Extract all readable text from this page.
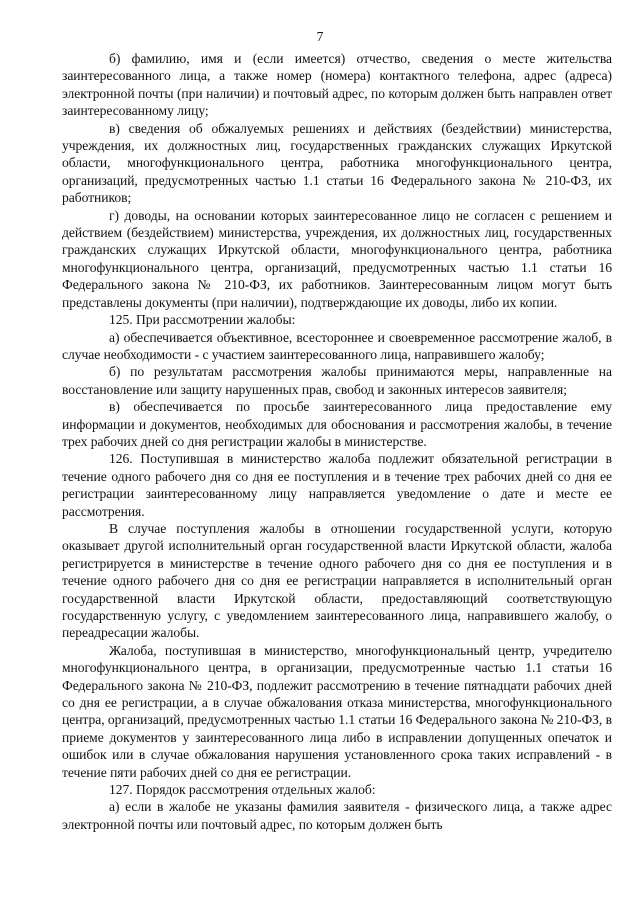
7

б) фамилию, имя и (если имеется) отчество, сведения о месте жительства заинтересованного лица, а также номер (номера) контактного телефона, адрес (адреса) электронной почты (при наличии) и почтовый адрес, по которым должен быть направлен ответ заинтересованному лицу;

в) сведения об обжалуемых решениях и действиях (бездействии) министерства, учреждения, их должностных лиц, государственных гражданских служащих Иркутской области, многофункционального центра, работника многофункционального центра, организаций, предусмотренных частью 1.1 статьи 16 Федерального закона № 210-ФЗ, их работников;

г) доводы, на основании которых заинтересованное лицо не согласен с решением и действием (бездействием) министерства, учреждения, их должностных лиц, государственных гражданских служащих Иркутской области, многофункционального центра, работника многофункционального центра, организаций, предусмотренных частью 1.1 статьи 16 Федерального закона № 210-ФЗ, их работников. Заинтересованным лицом могут быть представлены документы (при наличии), подтверждающие их доводы, либо их копии.

125. При рассмотрении жалобы:

а) обеспечивается объективное, всестороннее и своевременное рассмотрение жалоб, в случае необходимости - с участием заинтересованного лица, направившего жалобу;

б) по результатам рассмотрения жалобы принимаются меры, направленные на восстановление или защиту нарушенных прав, свобод и законных интересов заявителя;

в) обеспечивается по просьбе заинтересованного лица предоставление ему информации и документов, необходимых для обоснования и рассмотрения жалобы, в течение трех рабочих дней со дня регистрации жалобы в министерстве.

126. Поступившая в министерство жалоба подлежит обязательной регистрации в течение одного рабочего дня со дня ее поступления и в течение трех рабочих дней со дня ее регистрации заинтересованному лицу направляется уведомление о дате и месте ее рассмотрения.

В случае поступления жалобы в отношении государственной услуги, которую оказывает другой исполнительный орган государственной власти Иркутской области, жалоба регистрируется в министерстве в течение одного рабочего дня со дня ее поступления и в течение одного рабочего дня со дня ее регистрации направляется в исполнительный орган государственной власти Иркутской области, предоставляющий соответствующую государственную услугу, с уведомлением заинтересованного лица, направившего жалобу, о переадресации жалобы.

Жалоба, поступившая в министерство, многофункциональный центр, учредителю многофункционального центра, в организации, предусмотренные частью 1.1 статьи 16 Федерального закона № 210-ФЗ, подлежит рассмотрению в течение пятнадцати рабочих дней со дня ее регистрации, а в случае обжалования отказа министерства, многофункционального центра, организаций, предусмотренных частью 1.1 статьи 16 Федерального закона № 210-ФЗ, в приеме документов у заинтересованного лица либо в исправлении допущенных опечаток и ошибок или в случае обжалования нарушения установленного срока таких исправлений - в течение пяти рабочих дней со дня ее регистрации.

127. Порядок рассмотрения отдельных жалоб:

а) если в жалобе не указаны фамилия заявителя - физического лица, а также адрес электронной почты или почтовый адрес, по которым должен быть
